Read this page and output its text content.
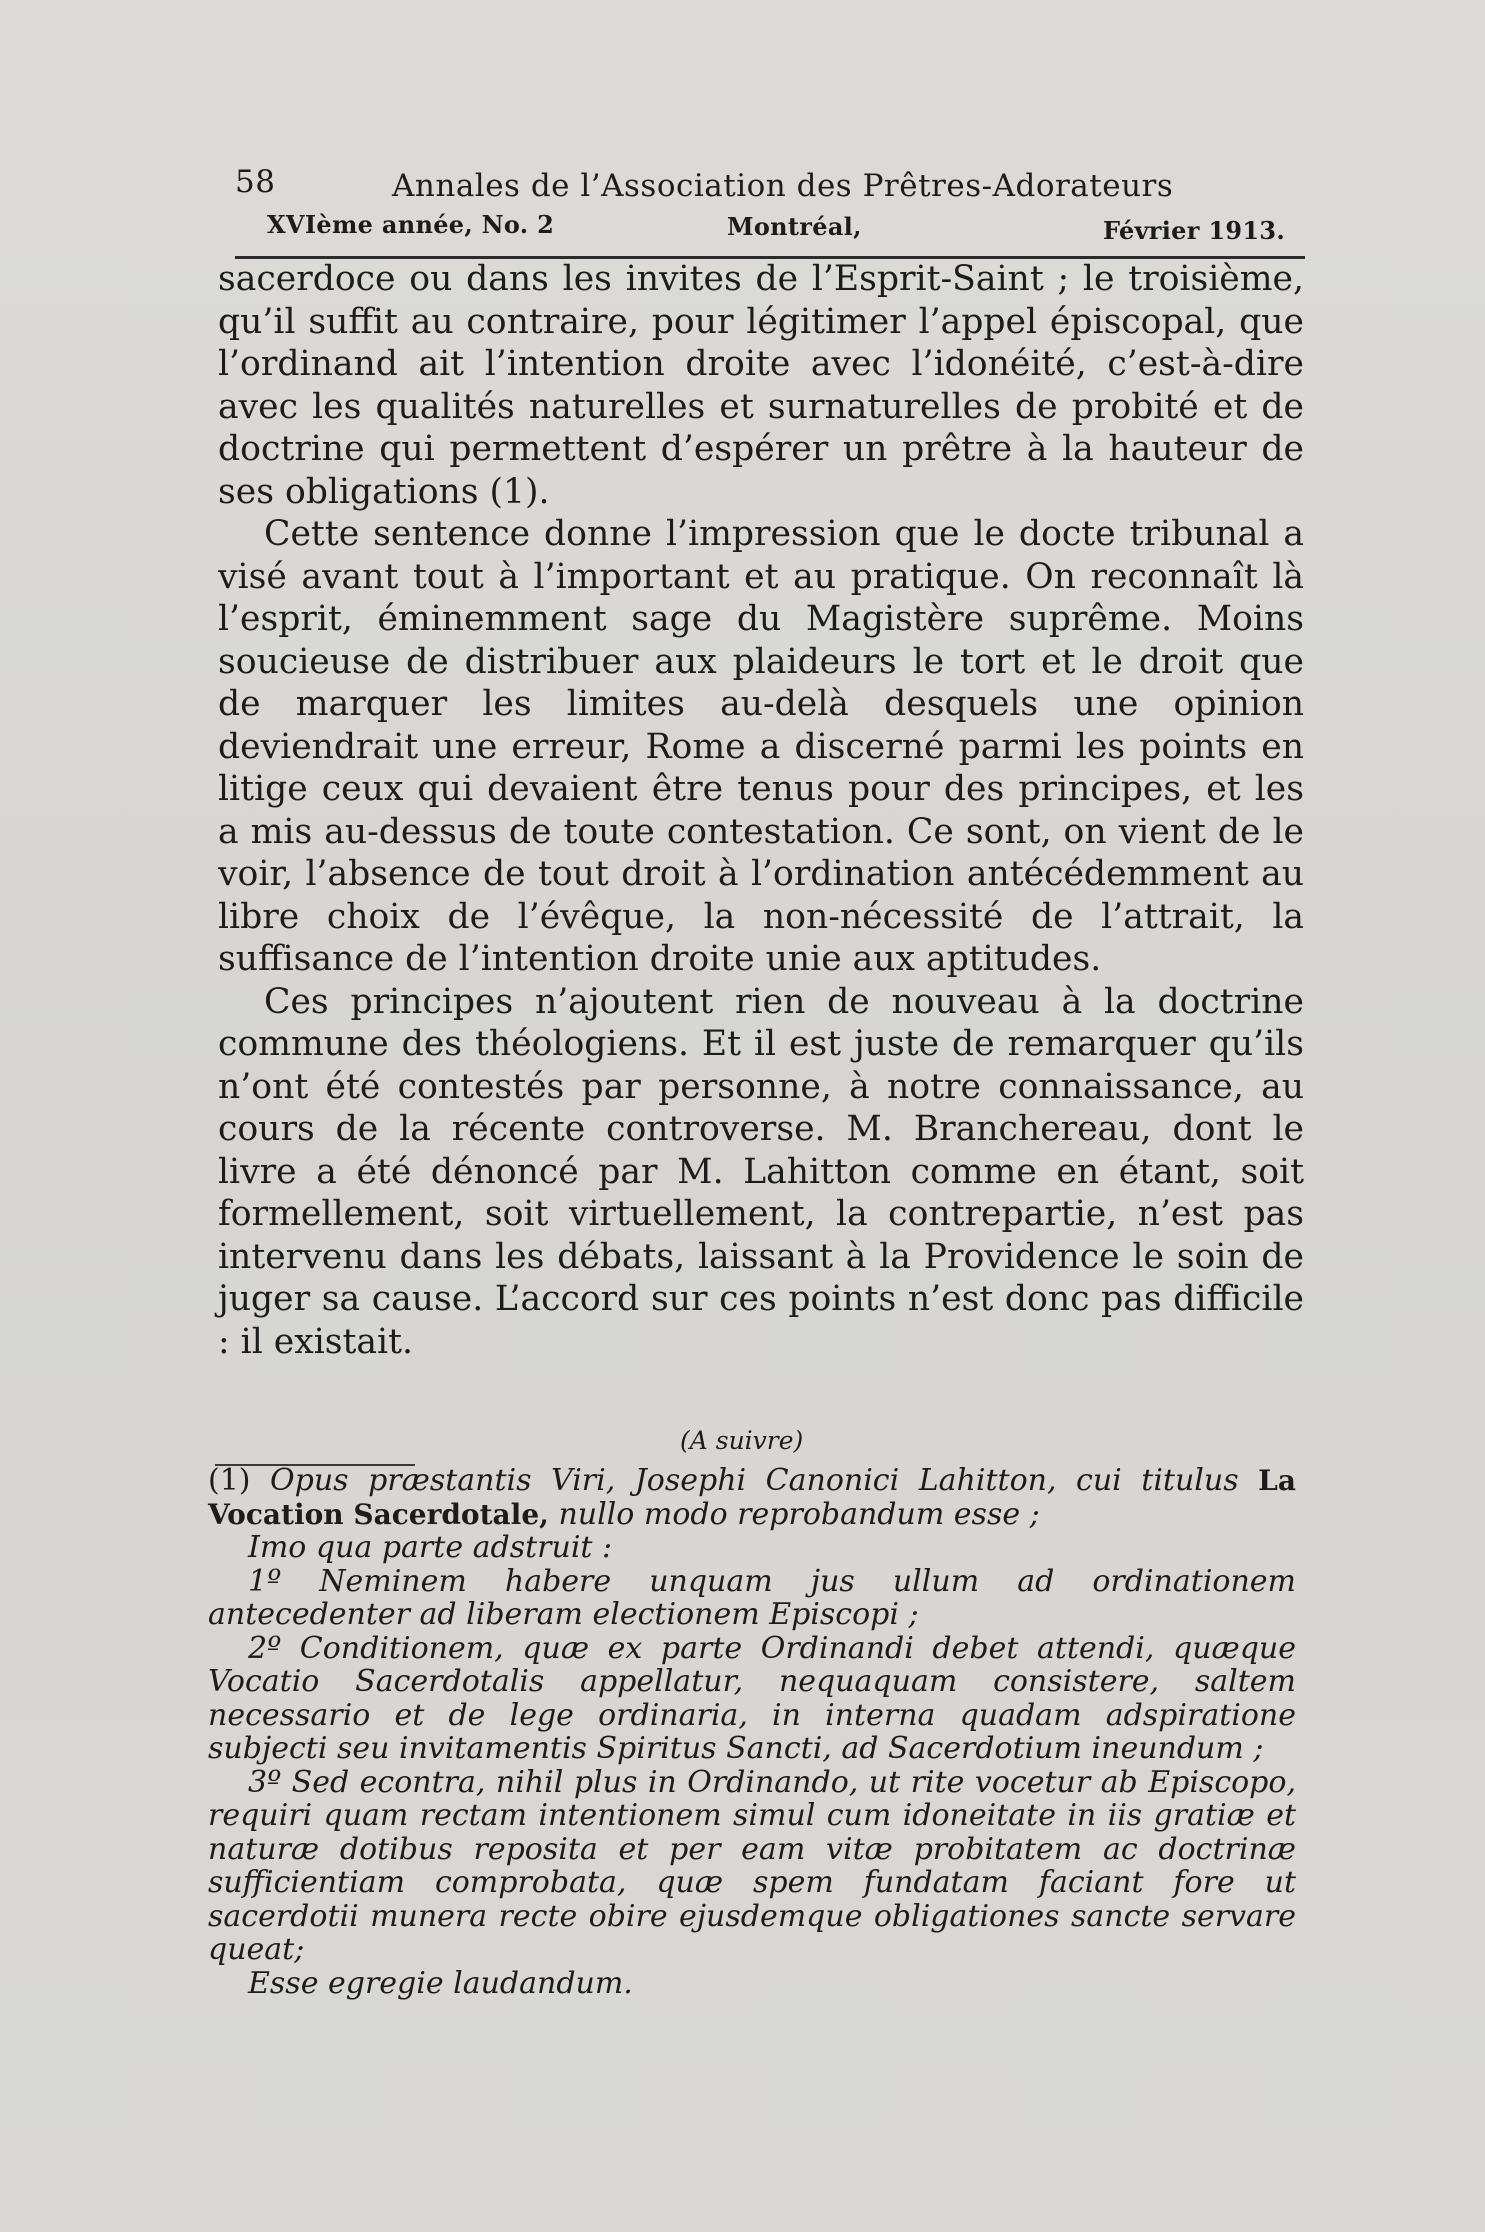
58	Annales de l’Association des Prêtres-Adorateurs
XVIème année, No. 2	Montréal,	Février 1913.

sacerdoce ou dans les invites de l’Esprit-Saint ; le troisième, qu’il suffit au contraire, pour légitimer l’appel épiscopal, que l’ordinand ait l’intention droite avec l’idonéité, c’est-à-dire avec les qualités naturelles et surnaturelles de probité et de doctrine qui permettent d’espérer un prêtre à la hauteur de ses obligations (1).

Cette sentence donne l’impression que le docte tribunal a visé avant tout à l’important et au pratique. On reconnaît là l’esprit, éminemment sage du Magistère suprême. Moins soucieuse de distribuer aux plaideurs le tort et le droit que de marquer les limites au-delà desquels une opinion deviendrait une erreur, Rome a discerné parmi les points en litige ceux qui devaient être tenus pour des principes, et les a mis au-dessus de toute contestation. Ce sont, on vient de le voir, l’absence de tout droit à l’ordination antécédemment au libre choix de l’évêque, la non-nécessité de l’attrait, la suffisance de l’intention droite unie aux aptitudes.

Ces principes n’ajoutent rien de nouveau à la doctrine commune des théologiens. Et il est juste de remarquer qu’ils n’ont été contestés par personne, à notre connaissance, au cours de la récente controverse. M. Branchereau, dont le livre a été dénoncé par M. Lahitton comme en étant, soit formellement, soit virtuellement, la contrepartie, n’est pas intervenu dans les débats, laissant à la Providence le soin de juger sa cause. L’accord sur ces points n’est donc pas difficile : il existait.

(A suivre)

(1) Opus præstantis Viri, Josephi Canonici Lahitton, cui titulus La Vocation Sacerdotale, nullo modo reprobandum esse ;

Imo qua parte adstruit :

1º Neminem habere unquam jus ullum ad ordinationem antecedenter ad liberam electionem Episcopi ;

2º Conditionem, quæ ex parte Ordinandi debet attendi, quæque Vocatio Sacerdotalis appellatur, nequaquam consistere, saltem necessario et de lege ordinaria, in interna quadam adspiratione subjecti seu invitamentis Spiritus Sancti, ad Sacerdotium ineundum ;

3º Sed econtra, nihil plus in Ordinando, ut rite vocetur ab Episcopo, requiri quam rectam intentionem simul cum idoneitate in iis gratiæ et naturæ dotibus reposita et per eam vitæ probitatem ac doctrinæ sufficientiam comprobata, quæ spem fundatam faciant fore ut sacerdotii munera recte obire ejusdemque obligationes sancte servare queat;

Esse egregie laudandum.
